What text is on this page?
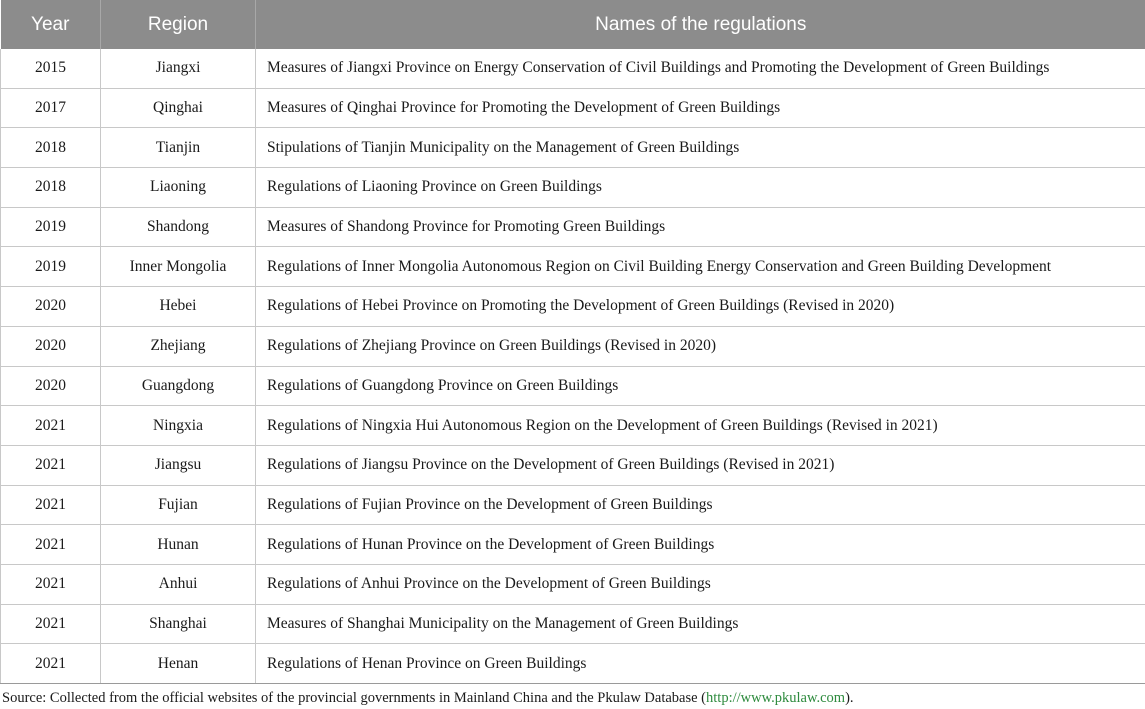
Year	Region	Names of the regulations
2015	Jiangxi	Measures of Jiangxi Province on Energy Conservation of Civil Buildings and Promoting the Development of Green Buildings
2017	Qinghai	Measures of Qinghai Province for Promoting the Development of Green Buildings
2018	Tianjin	Stipulations of Tianjin Municipality on the Management of Green Buildings
2018	Liaoning	Regulations of Liaoning Province on Green Buildings
2019	Shandong	Measures of Shandong Province for Promoting Green Buildings
2019	Inner Mongolia	Regulations of Inner Mongolia Autonomous Region on Civil Building Energy Conservation and Green Building Development
2020	Hebei	Regulations of Hebei Province on Promoting the Development of Green Buildings (Revised in 2020)
2020	Zhejiang	Regulations of Zhejiang Province on Green Buildings (Revised in 2020)
2020	Guangdong	Regulations of Guangdong Province on Green Buildings
2021	Ningxia	Regulations of Ningxia Hui Autonomous Region on the Development of Green Buildings (Revised in 2021)
2021	Jiangsu	Regulations of Jiangsu Province on the Development of Green Buildings (Revised in 2021)
2021	Fujian	Regulations of Fujian Province on the Development of Green Buildings
2021	Hunan	Regulations of Hunan Province on the Development of Green Buildings
2021	Anhui	Regulations of Anhui Province on the Development of Green Buildings
2021	Shanghai	Measures of Shanghai Municipality on the Management of Green Buildings
2021	Henan	Regulations of Henan Province on Green Buildings
Source: Collected from the official websites of the provincial governments in Mainland China and the Pkulaw Database (http://www.pkulaw.com).
